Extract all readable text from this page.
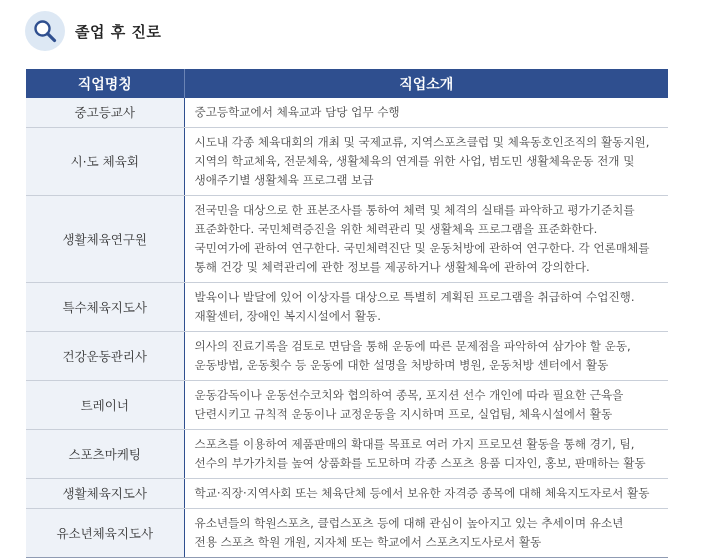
졸업 후 진로
직업명칭	직업소개
중고등교사	중고등학교에서 체육교과 담당 업무 수행

시·도 체육회	시도내 각종 체육대회의 개최 및 국제교류, 지역스포츠클럽 및 체육동호인조직의 활동지원,
지역의 학교체육, 전문체육, 생활체육의 연계를 위한 사업, 범도민 생활체육운동 전개 및
생애주기별 생활체육 프로그램 보급

생활체육연구원	전국민을 대상으로 한 표본조사를 통하여 체력 및 체격의 실태를 파악하고 평가기준치를
표준화한다. 국민체력증진을 위한 체력관리 및 생활체육 프로그램을 표준화한다.
국민여가에 관하여 연구한다. 국민체력진단 및 운동처방에 관하여 연구한다. 각 언론매체를
통해 건강 및 체력관리에 관한 정보를 제공하거나 생활체육에 관하여 강의한다.

특수체육지도사	발육이나 발달에 있어 이상자를 대상으로 특별히 계획된 프로그램을 취급하여 수업진행.
재활센터, 장애인 복지시설에서 활동.

건강운동관리사	의사의 진료기록을 검토로 면담을 통해 운동에 따른 문제점을 파악하여 삼가야 할 운동,
운동방법, 운동횟수 등 운동에 대한 설명을 처방하며 병원, 운동처방 센터에서 활동

트레이너	운동감독이나 운동선수코치와 협의하여 종목, 포지션 선수 개인에 따라 필요한 근육을
단련시키고 규칙적 운동이나 교정운동을 지시하며 프로, 실업팀, 체육시설에서 활동

스포츠마케팅	스포츠를 이용하여 제품판매의 확대를 목표로 여러 가지 프로모션 활동을 통해 경기, 팀,
선수의 부가가치를 높여 상품화를 도모하며 각종 스포츠 용품 디자인, 홍보, 판매하는 활동

생활체육지도사	학교·직장·지역사회 또는 체육단체 등에서 보유한 자격증 종목에 대해 체육지도자로서 활동

유소년체육지도사	유소년들의 학원스포츠, 클럽스포츠 등에 대해 관심이 높아지고 있는 추세이며 유소년
전용 스포츠 학원 개원, 지자체 또는 학교에서 스포츠지도사로서 활동
